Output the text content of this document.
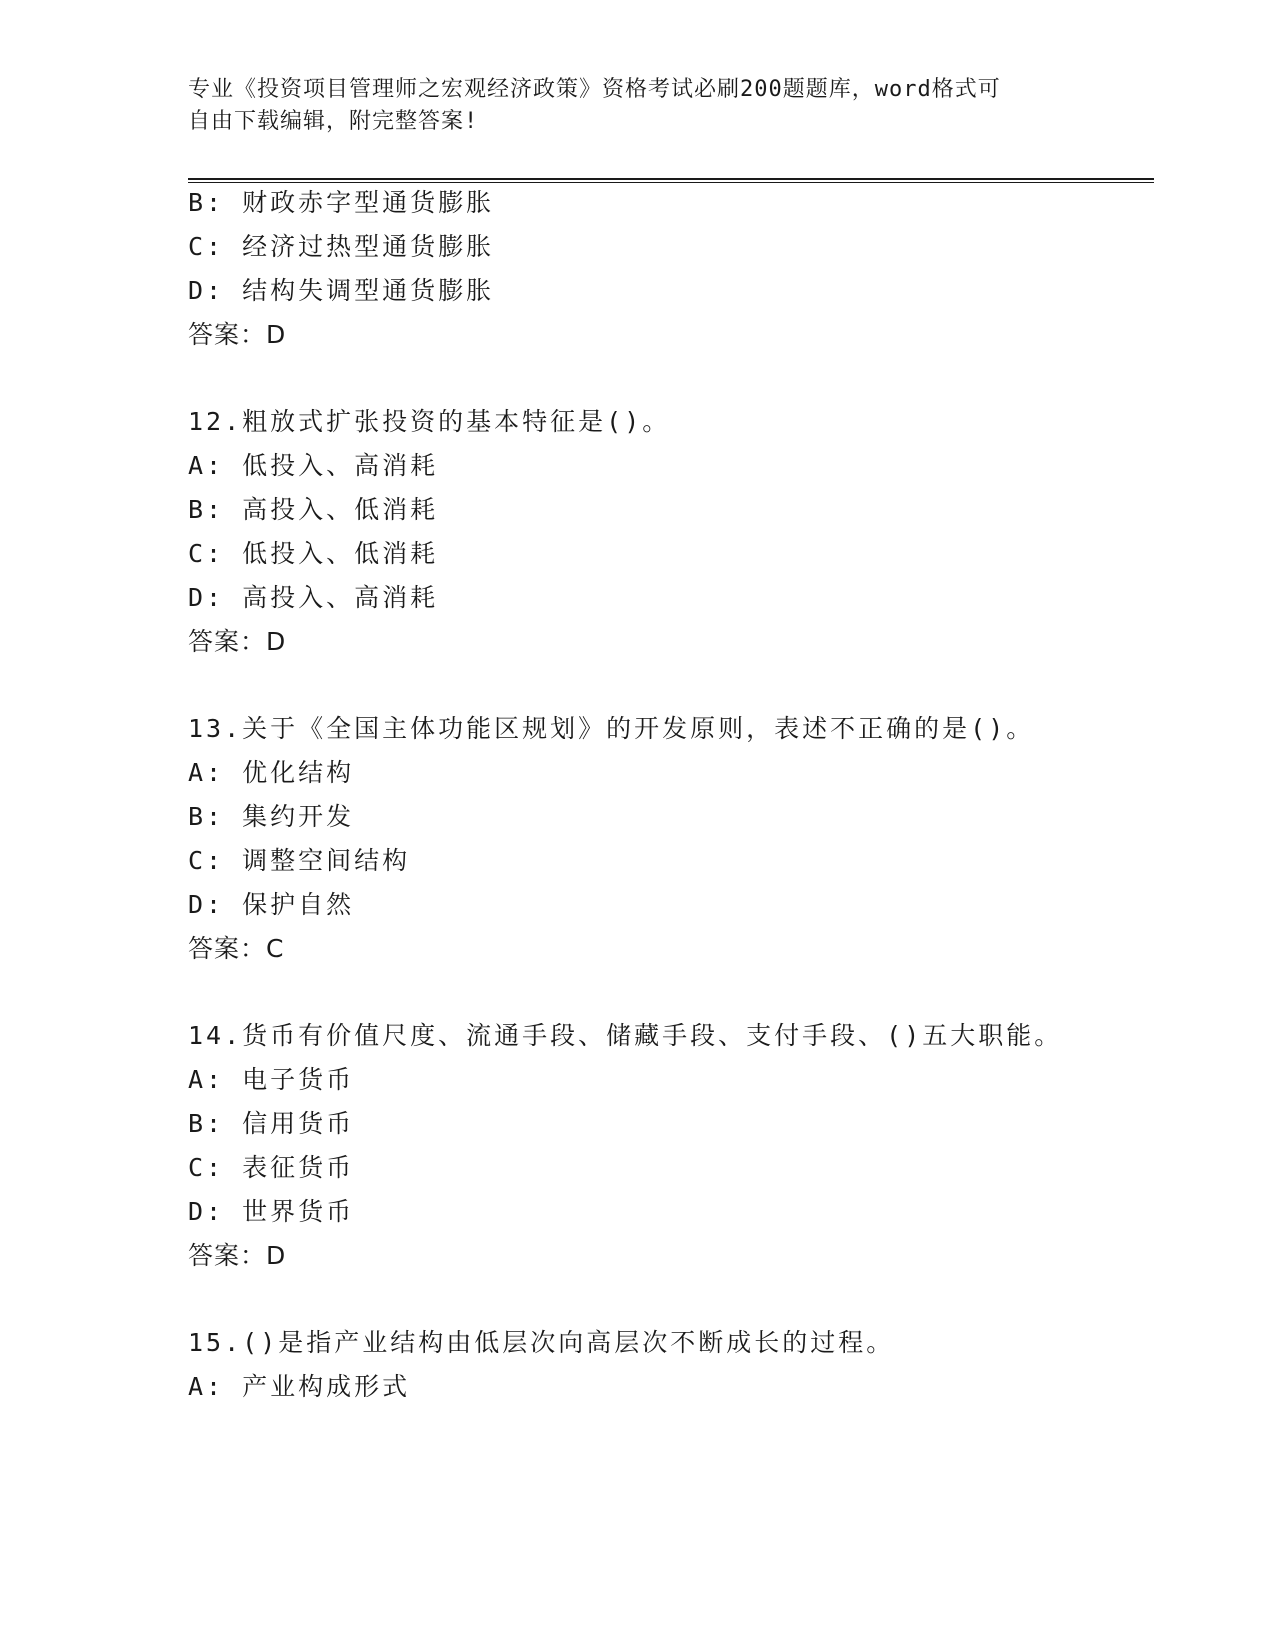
专业《投资项目管理师之宏观经济政策》资格考试必刷200题题库，word格式可
自由下载编辑，附完整答案!
B: 财政赤字型通货膨胀
C: 经济过热型通货膨胀
D: 结构失调型通货膨胀
答案：D
12.粗放式扩张投资的基本特征是()。
A: 低投入、高消耗
B: 高投入、低消耗
C: 低投入、低消耗
D: 高投入、高消耗
答案：D
13.关于《全国主体功能区规划》的开发原则，表述不正确的是()。
A: 优化结构
B: 集约开发
C: 调整空间结构
D: 保护自然
答案：C
14.货币有价值尺度、流通手段、储藏手段、支付手段、()五大职能。
A: 电子货币
B: 信用货币
C: 表征货币
D: 世界货币
答案：D
15.()是指产业结构由低层次向高层次不断成长的过程。
A: 产业构成形式
